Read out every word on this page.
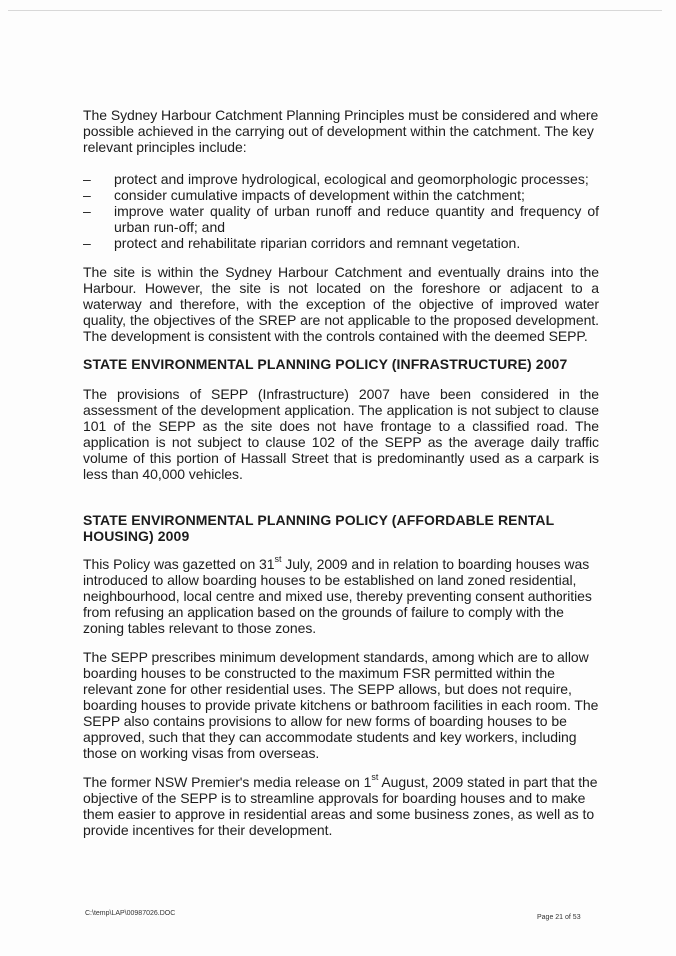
The Sydney Harbour Catchment Planning Principles must be considered and where possible achieved in the carrying out of development within the catchment. The key relevant principles include:

– protect and improve hydrological, ecological and geomorphologic processes;
– consider cumulative impacts of development within the catchment;
– improve water quality of urban runoff and reduce quantity and frequency of urban run-off; and
– protect and rehabilitate riparian corridors and remnant vegetation.

The site is within the Sydney Harbour Catchment and eventually drains into the Harbour. However, the site is not located on the foreshore or adjacent to a waterway and therefore, with the exception of the objective of improved water quality, the objectives of the SREP are not applicable to the proposed development. The development is consistent with the controls contained with the deemed SEPP.

STATE ENVIRONMENTAL PLANNING POLICY (INFRASTRUCTURE) 2007

The provisions of SEPP (Infrastructure) 2007 have been considered in the assessment of the development application. The application is not subject to clause 101 of the SEPP as the site does not have frontage to a classified road. The application is not subject to clause 102 of the SEPP as the average daily traffic volume of this portion of Hassall Street that is predominantly used as a carpark is less than 40,000 vehicles.

STATE ENVIRONMENTAL PLANNING POLICY (AFFORDABLE RENTAL HOUSING) 2009

This Policy was gazetted on 31st July, 2009 and in relation to boarding houses was introduced to allow boarding houses to be established on land zoned residential, neighbourhood, local centre and mixed use, thereby preventing consent authorities from refusing an application based on the grounds of failure to comply with the zoning tables relevant to those zones.

The SEPP prescribes minimum development standards, among which are to allow boarding houses to be constructed to the maximum FSR permitted within the relevant zone for other residential uses. The SEPP allows, but does not require, boarding houses to provide private kitchens or bathroom facilities in each room. The SEPP also contains provisions to allow for new forms of boarding houses to be approved, such that they can accommodate students and key workers, including those on working visas from overseas.

The former NSW Premier's media release on 1st August, 2009 stated in part that the objective of the SEPP is to streamline approvals for boarding houses and to make them easier to approve in residential areas and some business zones, as well as to provide incentives for their development.

C:\temp\LAP\00987026.DOC
Page 21 of 53
